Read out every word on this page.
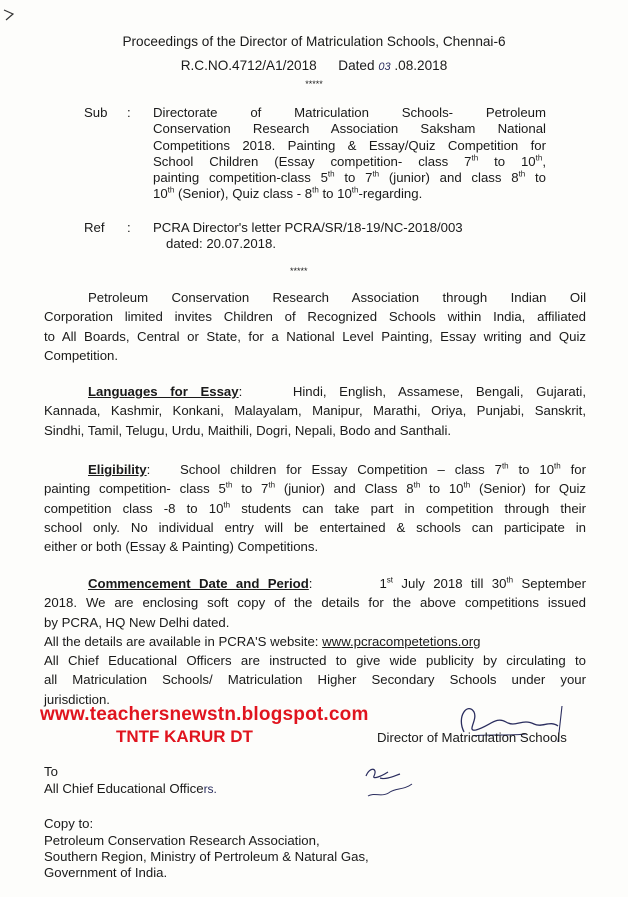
Proceedings of the Director of Matriculation Schools, Chennai-6
R.C.NO.4712/A1/2018 Dated 03 .08.2018
*****
Sub : Directorate of Matriculation Schools- Petroleum
Conservation Research Association Saksham National
Competitions 2018. Painting & Essay/Quiz Competition for
School Children (Essay competition- class 7th to 10th,
painting competition-class 5th to 7th (junior) and class 8th to
10th (Senior), Quiz class - 8th to 10th-regarding.
Ref : PCRA Director's letter PCRA/SR/18-19/NC-2018/003
dated: 20.07.2018.
*****
Petroleum Conservation Research Association through Indian Oil
Corporation limited invites Children of Recognized Schools within India, affiliated
to All Boards, Central or State, for a National Level Painting, Essay writing and Quiz
Competition.
Languages for Essay:	Hindi, English, Assamese, Bengali, Gujarati,
Kannada, Kashmir, Konkani, Malayalam, Manipur, Marathi, Oriya, Punjabi, Sanskrit,
Sindhi, Tamil, Telugu, Urdu, Maithili, Dogri, Nepali, Bodo and Santhali.
Eligibility: School children for Essay Competition – class 7th to 10th for
painting competition- class 5th to 7th (junior) and Class 8th to 10th (Senior) for Quiz
competition class -8 to 10th students can take part in competition through their
school only. No individual entry will be entertained & schools can participate in
either or both (Essay & Painting) Competitions.
Commencement Date and Period:	1st July 2018 till 30th September
2018. We are enclosing soft copy of the details for the above competitions issued
by PCRA, HQ New Delhi dated.
All the details are available in PCRA'S website: www.pcracompetetions.org
All Chief Educational Officers are instructed to give wide publicity by circulating to
all Matriculation Schools/ Matriculation Higher Secondary Schools under your
jurisdiction.
www.teachersnewstn.blogspot.com
TNTF KARUR DT	Director of Matriculation Schools
To
All Chief Educational Officers.
Copy to:
Petroleum Conservation Research Association,
Southern Region, Ministry of Pertroleum & Natural Gas,
Government of India.
